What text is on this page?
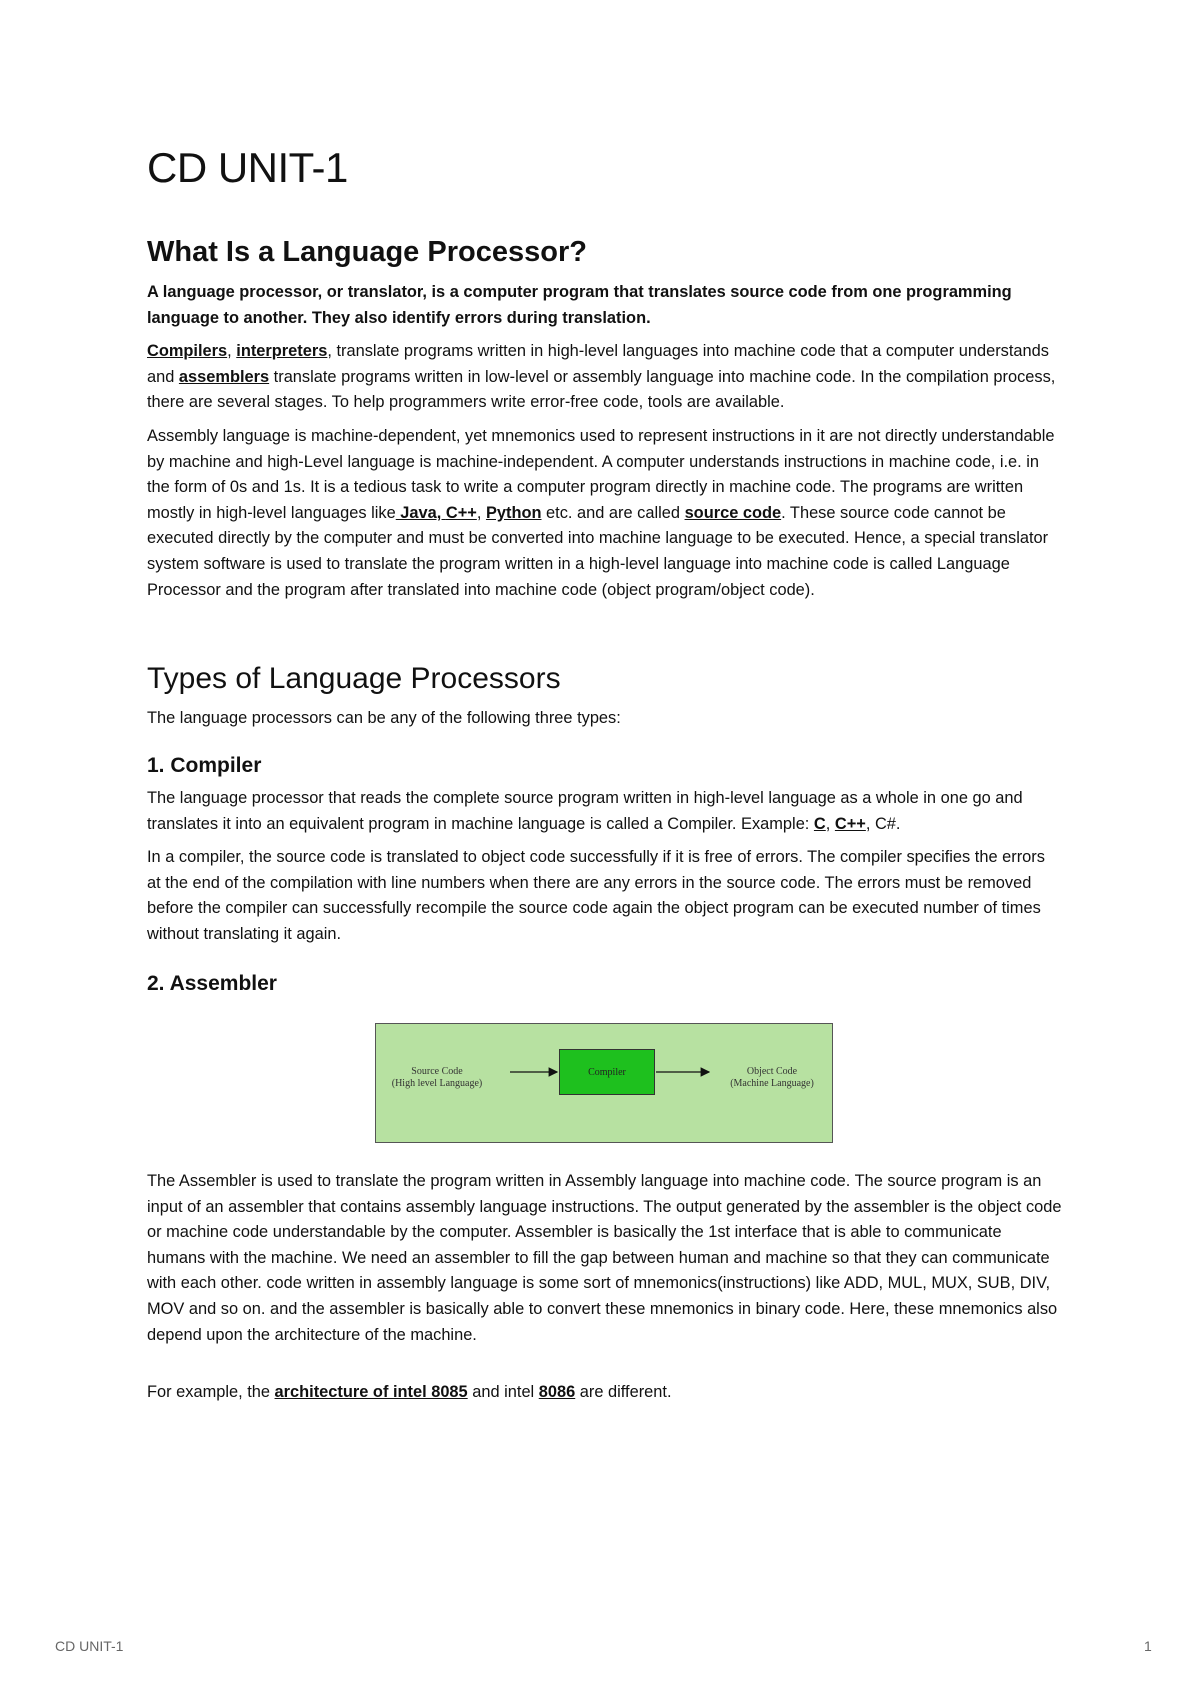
CD UNIT-1
What Is a Language Processor?

A language processor, or translator, is a computer program that translates source code from one programming language to another. They also identify errors during translation.

Compilers, interpreters, translate programs written in high-level languages into machine code that a computer understands and assemblers translate programs written in low-level or assembly language into machine code. In the compilation process, there are several stages. To help programmers write error-free code, tools are available.

Assembly language is machine-dependent, yet mnemonics used to represent instructions in it are not directly understandable by machine and high-Level language is machine-independent. A computer understands instructions in machine code, i.e. in the form of 0s and 1s. It is a tedious task to write a computer program directly in machine code. The programs are written mostly in high-level languages like Java, C++, Python etc. and are called source code. These source code cannot be executed directly by the computer and must be converted into machine language to be executed. Hence, a special translator system software is used to translate the program written in a high-level language into machine code is called Language Processor and the program after translated into machine code (object program/object code).

Types of Language Processors

The language processors can be any of the following three types:

1. Compiler

The language processor that reads the complete source program written in high-level language as a whole in one go and translates it into an equivalent program in machine language is called a Compiler. Example: C, C++, C#.

In a compiler, the source code is translated to object code successfully if it is free of errors. The compiler specifies the errors at the end of the compilation with line numbers when there are any errors in the source code. The errors must be removed before the compiler can successfully recompile the source code again the object program can be executed number of times without translating it again.

2. Assembler
Source Code
(High level Language)
Compiler	Object Code
(Machine Language)

The Assembler is used to translate the program written in Assembly language into machine code. The source program is an input of an assembler that contains assembly language instructions. The output generated by the assembler is the object code or machine code understandable by the computer. Assembler is basically the 1st interface that is able to communicate humans with the machine. We need an assembler to fill the gap between human and machine so that they can communicate with each other. code written in assembly language is some sort of mnemonics(instructions) like ADD, MUL, MUX, SUB, DIV, MOV and so on. and the assembler is basically able to convert these mnemonics in binary code. Here, these mnemonics also depend upon the architecture of the machine.

For example, the architecture of intel 8085 and intel 8086 are different.

CD UNIT-1	1
